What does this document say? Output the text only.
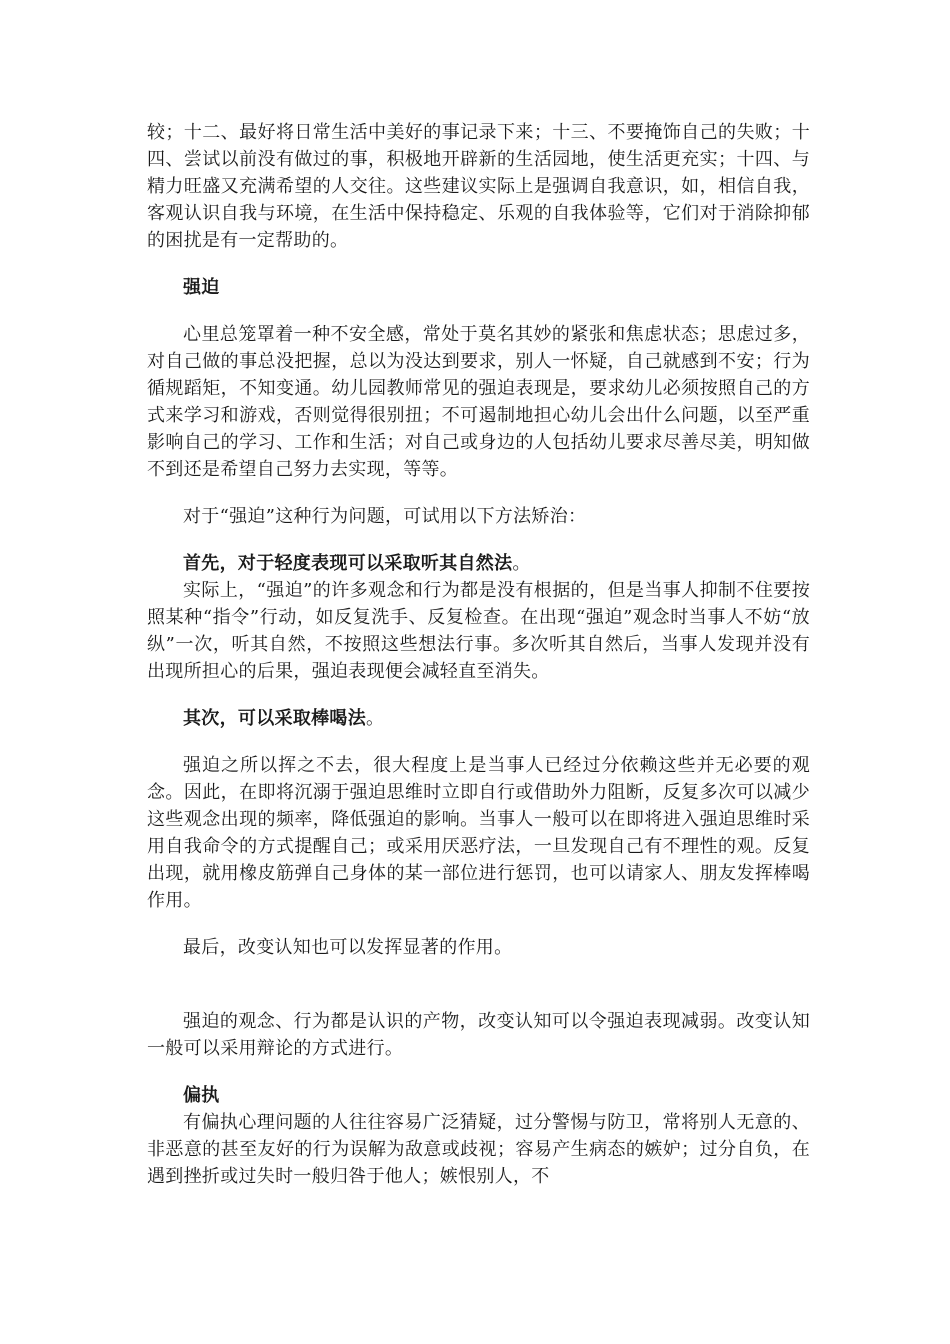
较；十二、最好将日常生活中美好的事记录下来；十三、不要掩饰自己的失败；十四、尝试以前没有做过的事，积极地开辟新的生活园地，使生活更充实；十四、与精力旺盛又充满希望的人交往。这些建议实际上是强调自我意识，如，相信自我，客观认识自我与环境，在生活中保持稳定、乐观的自我体验等，它们对于消除抑郁的困扰是有一定帮助的。

强迫

心里总笼罩着一种不安全感，常处于莫名其妙的紧张和焦虑状态；思虑过多，对自己做的事总没把握，总以为没达到要求，别人一怀疑，自己就感到不安；行为循规蹈矩，不知变通。幼儿园教师常见的强迫表现是，要求幼儿必须按照自己的方式来学习和游戏，否则觉得很别扭；不可遏制地担心幼儿会出什么问题，以至严重影响自己的学习、工作和生活；对自己或身边的人包括幼儿要求尽善尽美，明知做不到还是希望自己努力去实现，等等。

对于“强迫”这种行为问题，可试用以下方法矫治：

首先，对于轻度表现可以采取听其自然法。

实际上，“强迫”的许多观念和行为都是没有根据的，但是当事人抑制不住要按照某种“指令”行动，如反复洗手、反复检查。在出现“强迫”观念时当事人不妨“放纵”一次，听其自然，不按照这些想法行事。多次听其自然后，当事人发现并没有出现所担心的后果，强迫表现便会减轻直至消失。

其次，可以采取棒喝法。

强迫之所以挥之不去，很大程度上是当事人已经过分依赖这些并无必要的观念。因此，在即将沉溺于强迫思维时立即自行或借助外力阻断，反复多次可以减少这些观念出现的频率，降低强迫的影响。当事人一般可以在即将进入强迫思维时采用自我命令的方式提醒自己；或采用厌恶疗法，一旦发现自己有不理性的观。反复出现，就用橡皮筋弹自己身体的某一部位进行惩罚，也可以请家人、朋友发挥棒喝作用。

最后，改变认知也可以发挥显著的作用。

强迫的观念、行为都是认识的产物，改变认知可以令强迫表现减弱。改变认知一般可以采用辩论的方式进行。

偏执

有偏执心理问题的人往往容易广泛猜疑，过分警惕与防卫，常将别人无意的、非恶意的甚至友好的行为误解为敌意或歧视；容易产生病态的嫉妒；过分自负，在遇到挫折或过失时一般归咎于他人；嫉恨别人，不
